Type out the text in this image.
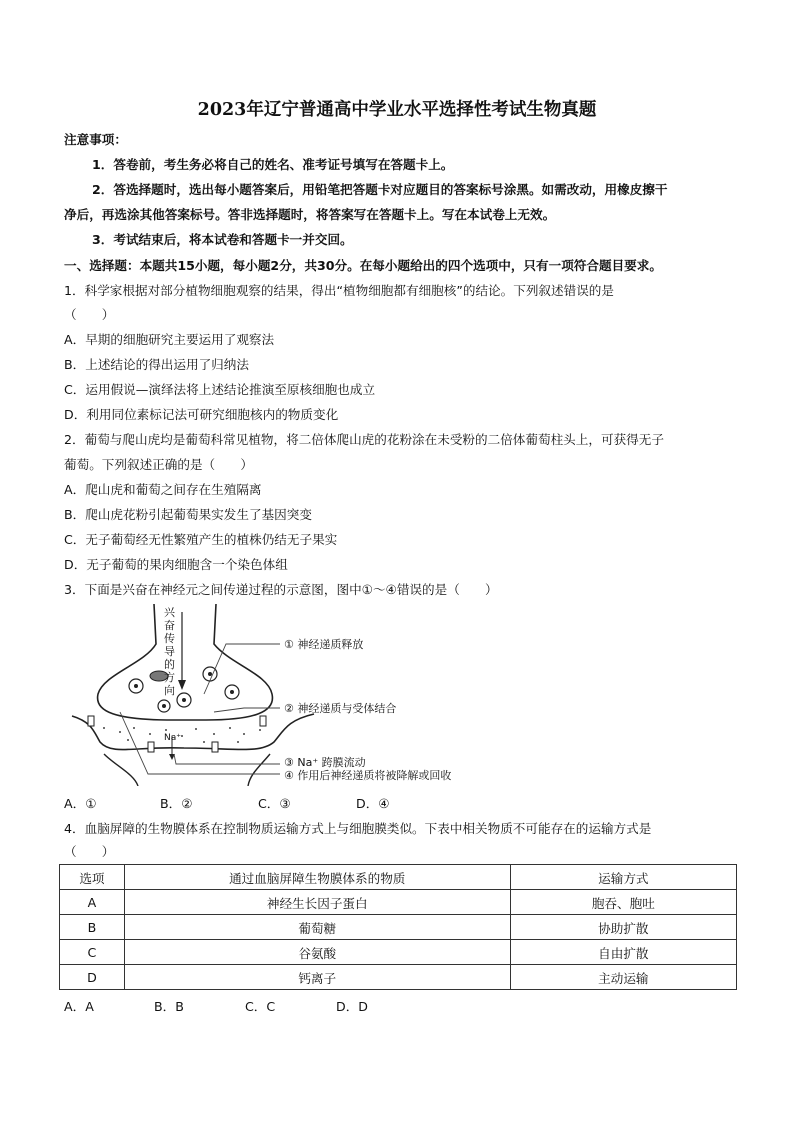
2023年辽宁普通高中学业水平选择性考试生物真题
注意事项：
1．答卷前，考生务必将自己的姓名、准考证号填写在答题卡上。
2．答选择题时，选出每小题答案后，用铅笔把答题卡对应题目的答案标号涂黑。如需改动，用橡皮擦干
净后，再选涂其他答案标号。答非选择题时，将答案写在答题卡上。写在本试卷上无效。
3．考试结束后，将本试卷和答题卡一并交回。
一、选择题：本题共15小题，每小题2分，共30分。在每小题给出的四个选项中，只有一项符合题目要求。
1．科学家根据对部分植物细胞观察的结果，得出“植物细胞都有细胞核”的结论。下列叙述错误的是
（　　）
A．早期的细胞研究主要运用了观察法
B．上述结论的得出运用了归纳法
C．运用假说—演绎法将上述结论推演至原核细胞也成立
D．利用同位素标记法可研究细胞核内的物质变化
2．葡萄与爬山虎均是葡萄科常见植物，将二倍体爬山虎的花粉涂在未受粉的二倍体葡萄柱头上，可获得无子
葡萄。下列叙述正确的是（　　）
A．爬山虎和葡萄之间存在生殖隔离
B．爬山虎花粉引起葡萄果实发生了基因突变
C．无子葡萄经无性繁殖产生的植株仍结无子果实
D．无子葡萄的果肉细胞含一个染色体组
3．下面是兴奋在神经元之间传递过程的示意图，图中①～④错误的是（　　）
Na⁺
兴
奋
传
导
的
方
向
① 神经递质释放
② 神经递质与受体结合
③ Na⁺ 跨膜流动
④ 作用后神经递质将被降解或回收
A．①	B．②	C．③	D．④
4．血脑屏障的生物膜体系在控制物质运输方式上与细胞膜类似。下表中相关物质不可能存在的运输方式是
（　　）
选项	通过血脑屏障生物膜体系的物质	运输方式
A	神经生长因子蛋白	胞吞、胞吐
B	葡萄糖	协助扩散
C	谷氨酸	自由扩散
D	钙离子	主动运输
A．A	B．B	C．C	D．D
